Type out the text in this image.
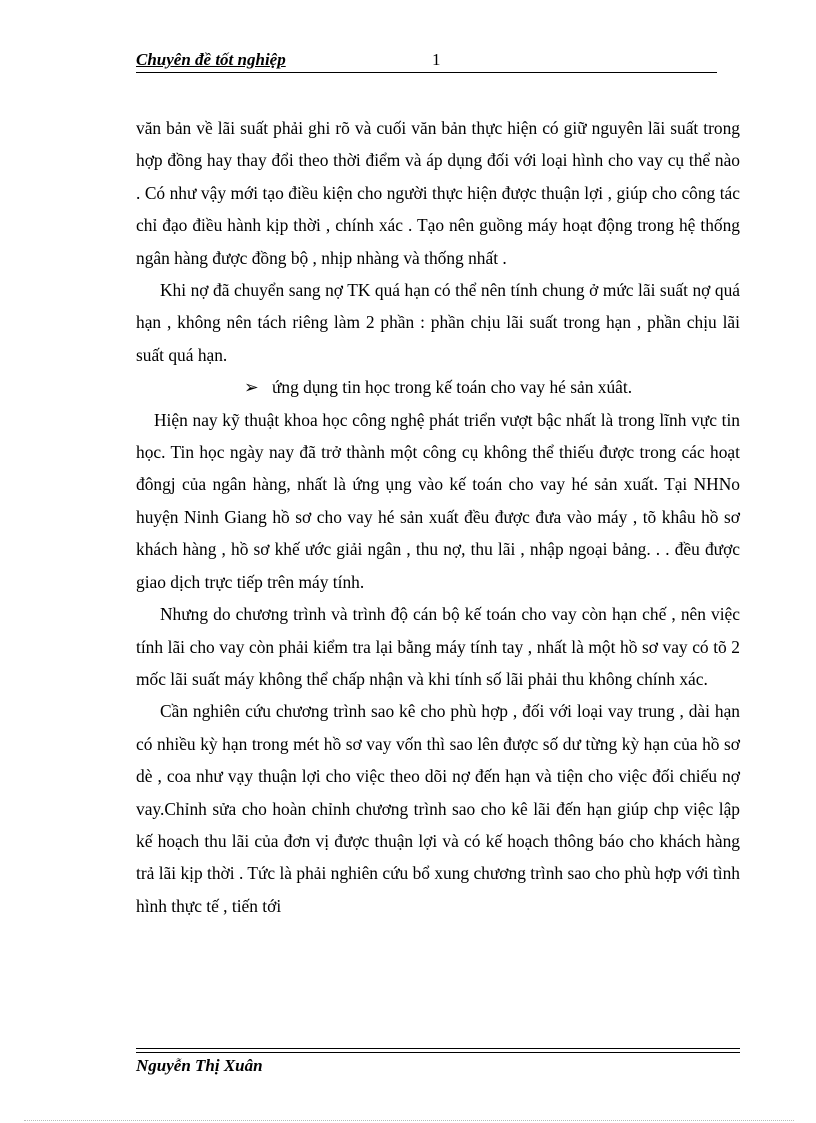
Chuyên đề tốt nghiệp	1

văn bản về lãi suất phải ghi rõ và cuối văn bản thực hiện có giữ nguyên lãi suất trong hợp đồng hay thay đổi theo thời điểm và áp dụng đối với loại hình cho vay cụ thể nào . Có như vậy mới tạo điều kiện cho người thực hiện được thuận lợi , giúp cho công tác chỉ đạo điều hành kịp thời , chính xác . Tạo nên guồng máy hoạt động trong hệ thống ngân hàng được đồng bộ , nhịp nhàng và thống nhất .

Khi nợ đã chuyển sang nợ TK quá hạn có thể nên tính chung ở mức lãi suất nợ quá hạn , không nên tách riêng làm 2 phần : phần chịu lãi suất trong hạn , phần chịu lãi suất quá hạn.

➢ ứng dụng tin học trong kế toán cho vay hé sản xúât.

Hiện nay kỹ thuật khoa học công nghệ phát triển vượt bậc nhất là trong lĩnh vực tin học. Tin học ngày nay đã trở thành một công cụ không thể thiếu được trong các hoạt đôngj của ngân hàng, nhất là ứng ụng vào kế toán cho vay hé sản xuất. Tại NHNo huyện Ninh Giang hồ sơ cho vay hé sản xuất đều được đưa vào máy , tõ khâu hồ sơ khách hàng , hồ sơ khế ước giải ngân , thu nợ, thu lãi , nhập ngoại bảng. . . đều được giao dịch trực tiếp trên máy tính.

Nhưng do chương trình và trình độ cán bộ kế toán cho vay còn hạn chế , nên việc tính lãi cho vay còn phải kiểm tra lại bằng máy tính tay , nhất là một hồ sơ vay có tõ 2 mốc lãi suất máy không thể chấp nhận và khi tính số lãi phải thu không chính xác.

Cần nghiên cứu chương trình sao kê cho phù hợp , đối với loại vay trung , dài hạn có nhiều kỳ hạn trong mét hồ sơ vay vốn thì sao lên được số dư từng kỳ hạn của hồ sơ dè , coa như vạy thuận lợi cho việc theo dõi nợ đến hạn và tiện cho việc đối chiếu nợ vay.Chỉnh sửa cho hoàn chỉnh chương trình sao cho kê lãi đến hạn giúp chp việc lập kế hoạch thu lãi của đơn vị được thuận lợi và có kế hoạch thông báo cho khách hàng trả lãi kịp thời . Tức là phải nghiên cứu bổ xung chương trình sao cho phù hợp với tình hình thực tế , tiến tới

Nguyễn Thị Xuân
